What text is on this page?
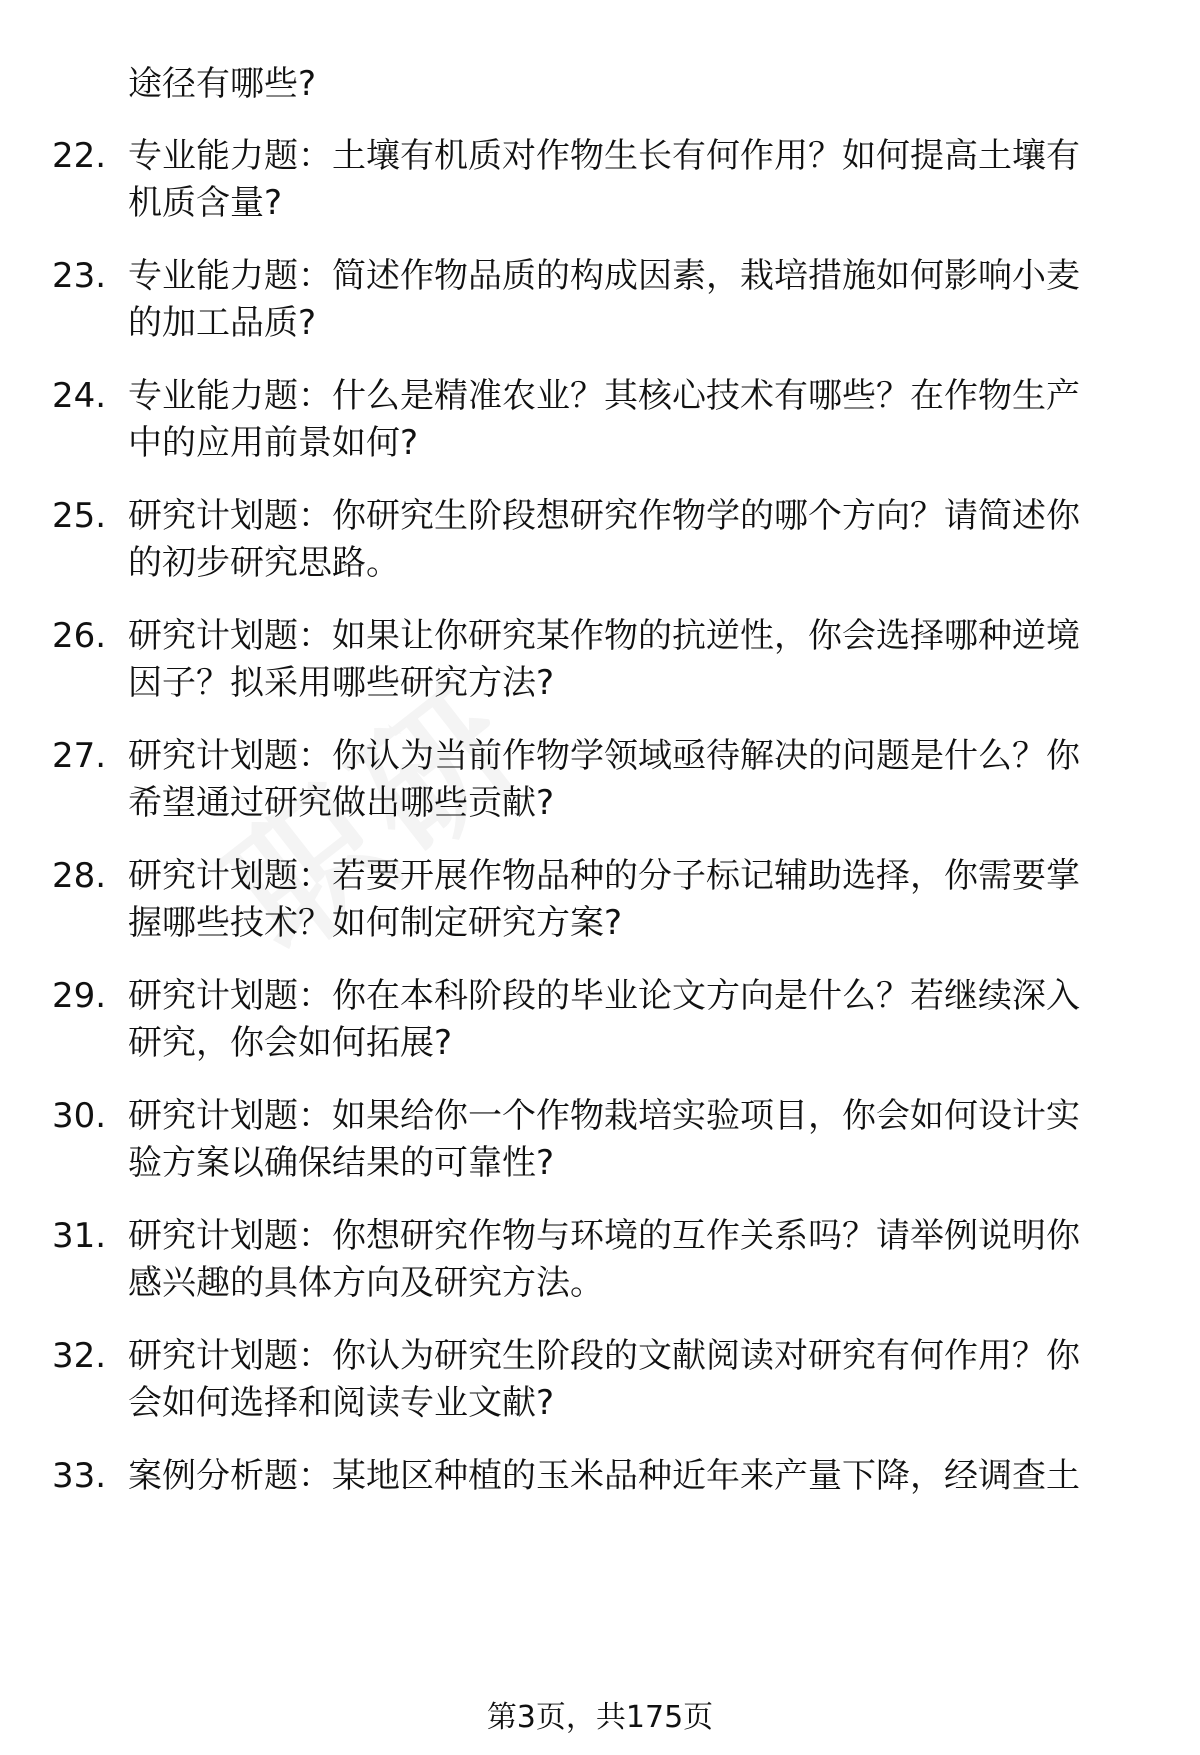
途径有哪些?
22. 专业能力题：土壤有机质对作物生长有何作用？如何提高土壤有
机质含量?
23. 专业能力题：简述作物品质的构成因素，栽培措施如何影响小麦
的加工品质?
24. 专业能力题：什么是精准农业？其核心技术有哪些？在作物生产
中的应用前景如何?
25. 研究计划题：你研究生阶段想研究作物学的哪个方向？请简述你
的初步研究思路。
26. 研究计划题：如果让你研究某作物的抗逆性，你会选择哪种逆境
因子？拟采用哪些研究方法?
27. 研究计划题：你认为当前作物学领域亟待解决的问题是什么？你
希望通过研究做出哪些贡献?
28. 研究计划题：若要开展作物品种的分子标记辅助选择，你需要掌
握哪些技术？如何制定研究方案?
29. 研究计划题：你在本科阶段的毕业论文方向是什么？若继续深入
研究，你会如何拓展?
30. 研究计划题：如果给你一个作物栽培实验项目，你会如何设计实
验方案以确保结果的可靠性?
31. 研究计划题：你想研究作物与环境的互作关系吗？请举例说明你
感兴趣的具体方向及研究方法。
32. 研究计划题：你认为研究生阶段的文献阅读对研究有何作用？你
会如何选择和阅读专业文献?
33. 案例分析题：某地区种植的玉米品种近年来产量下降，经调查土
第3页，共175页
